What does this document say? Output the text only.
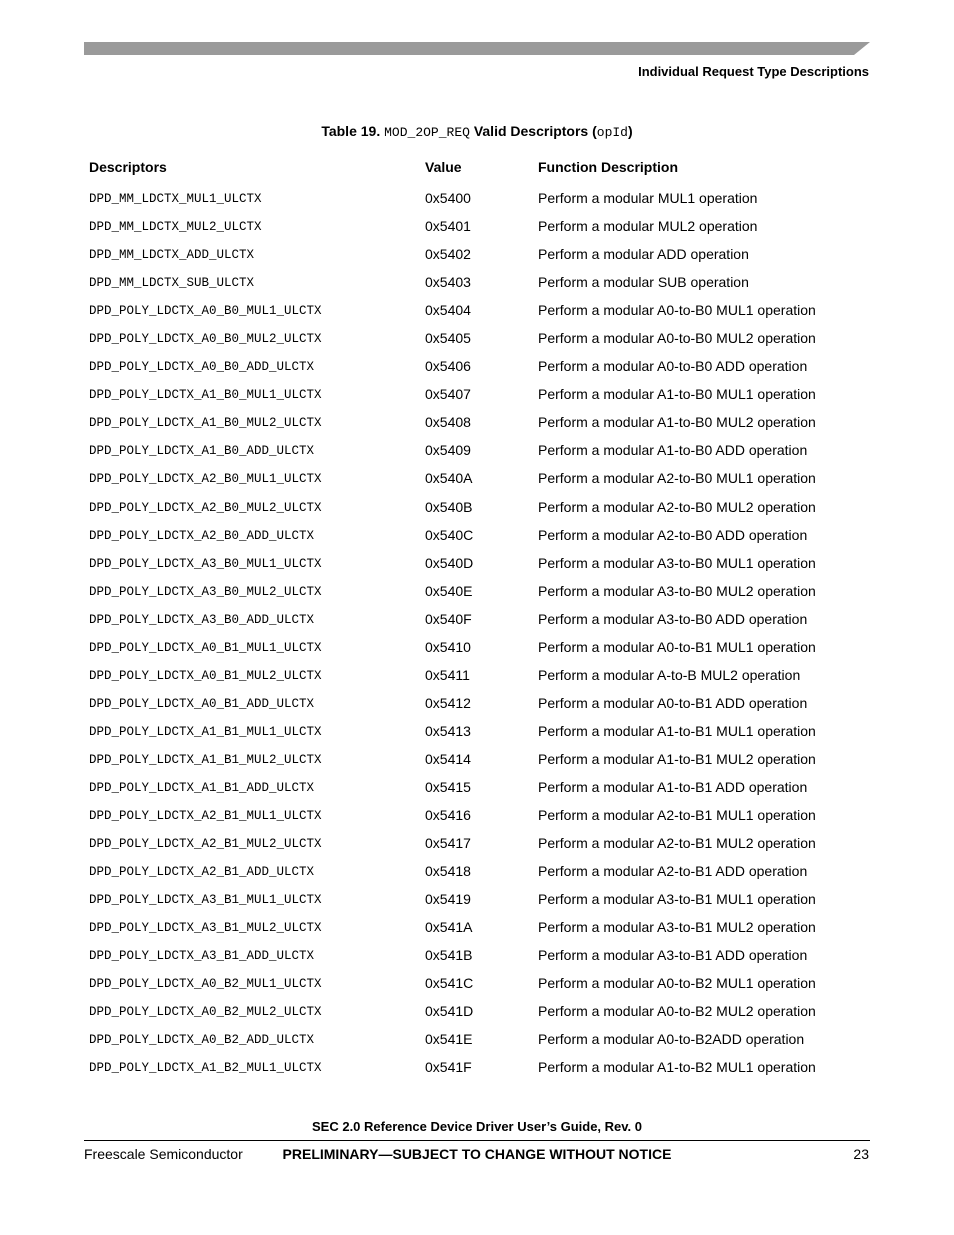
Individual Request Type Descriptions
Table 19. MOD_2OP_REQ Valid Descriptors (opId)
Descriptors	Value	Function Description
DPD_MM_LDCTX_MUL1_ULCTX	0x5400	Perform a modular MUL1 operation
DPD_MM_LDCTX_MUL2_ULCTX	0x5401	Perform a modular MUL2 operation
DPD_MM_LDCTX_ADD_ULCTX	0x5402	Perform a modular ADD operation
DPD_MM_LDCTX_SUB_ULCTX	0x5403	Perform a modular SUB operation
DPD_POLY_LDCTX_A0_B0_MUL1_ULCTX	0x5404	Perform a modular A0-to-B0 MUL1 operation
DPD_POLY_LDCTX_A0_B0_MUL2_ULCTX	0x5405	Perform a modular A0-to-B0 MUL2 operation
DPD_POLY_LDCTX_A0_B0_ADD_ULCTX	0x5406	Perform a modular A0-to-B0 ADD operation
DPD_POLY_LDCTX_A1_B0_MUL1_ULCTX	0x5407	Perform a modular A1-to-B0 MUL1 operation
DPD_POLY_LDCTX_A1_B0_MUL2_ULCTX	0x5408	Perform a modular A1-to-B0 MUL2 operation
DPD_POLY_LDCTX_A1_B0_ADD_ULCTX	0x5409	Perform a modular A1-to-B0 ADD operation
DPD_POLY_LDCTX_A2_B0_MUL1_ULCTX	0x540A	Perform a modular A2-to-B0 MUL1 operation
DPD_POLY_LDCTX_A2_B0_MUL2_ULCTX	0x540B	Perform a modular A2-to-B0 MUL2 operation
DPD_POLY_LDCTX_A2_B0_ADD_ULCTX	0x540C	Perform a modular A2-to-B0 ADD operation
DPD_POLY_LDCTX_A3_B0_MUL1_ULCTX	0x540D	Perform a modular A3-to-B0 MUL1 operation
DPD_POLY_LDCTX_A3_B0_MUL2_ULCTX	0x540E	Perform a modular A3-to-B0 MUL2 operation
DPD_POLY_LDCTX_A3_B0_ADD_ULCTX	0x540F	Perform a modular A3-to-B0 ADD operation
DPD_POLY_LDCTX_A0_B1_MUL1_ULCTX	0x5410	Perform a modular A0-to-B1 MUL1 operation
DPD_POLY_LDCTX_A0_B1_MUL2_ULCTX	0x5411	Perform a modular A-to-B MUL2 operation
DPD_POLY_LDCTX_A0_B1_ADD_ULCTX	0x5412	Perform a modular A0-to-B1 ADD operation
DPD_POLY_LDCTX_A1_B1_MUL1_ULCTX	0x5413	Perform a modular A1-to-B1 MUL1 operation
DPD_POLY_LDCTX_A1_B1_MUL2_ULCTX	0x5414	Perform a modular A1-to-B1 MUL2 operation
DPD_POLY_LDCTX_A1_B1_ADD_ULCTX	0x5415	Perform a modular A1-to-B1 ADD operation
DPD_POLY_LDCTX_A2_B1_MUL1_ULCTX	0x5416	Perform a modular A2-to-B1 MUL1 operation
DPD_POLY_LDCTX_A2_B1_MUL2_ULCTX	0x5417	Perform a modular A2-to-B1 MUL2 operation
DPD_POLY_LDCTX_A2_B1_ADD_ULCTX	0x5418	Perform a modular A2-to-B1 ADD operation
DPD_POLY_LDCTX_A3_B1_MUL1_ULCTX	0x5419	Perform a modular A3-to-B1 MUL1 operation
DPD_POLY_LDCTX_A3_B1_MUL2_ULCTX	0x541A	Perform a modular A3-to-B1 MUL2 operation
DPD_POLY_LDCTX_A3_B1_ADD_ULCTX	0x541B	Perform a modular A3-to-B1 ADD operation
DPD_POLY_LDCTX_A0_B2_MUL1_ULCTX	0x541C	Perform a modular A0-to-B2 MUL1 operation
DPD_POLY_LDCTX_A0_B2_MUL2_ULCTX	0x541D	Perform a modular A0-to-B2 MUL2 operation
DPD_POLY_LDCTX_A0_B2_ADD_ULCTX	0x541E	Perform a modular A0-to-B2ADD operation
DPD_POLY_LDCTX_A1_B2_MUL1_ULCTX	0x541F	Perform a modular A1-to-B2 MUL1 operation
SEC 2.0 Reference Device Driver User’s Guide, Rev. 0
Freescale Semiconductor	PRELIMINARY—SUBJECT TO CHANGE WITHOUT NOTICE	23
